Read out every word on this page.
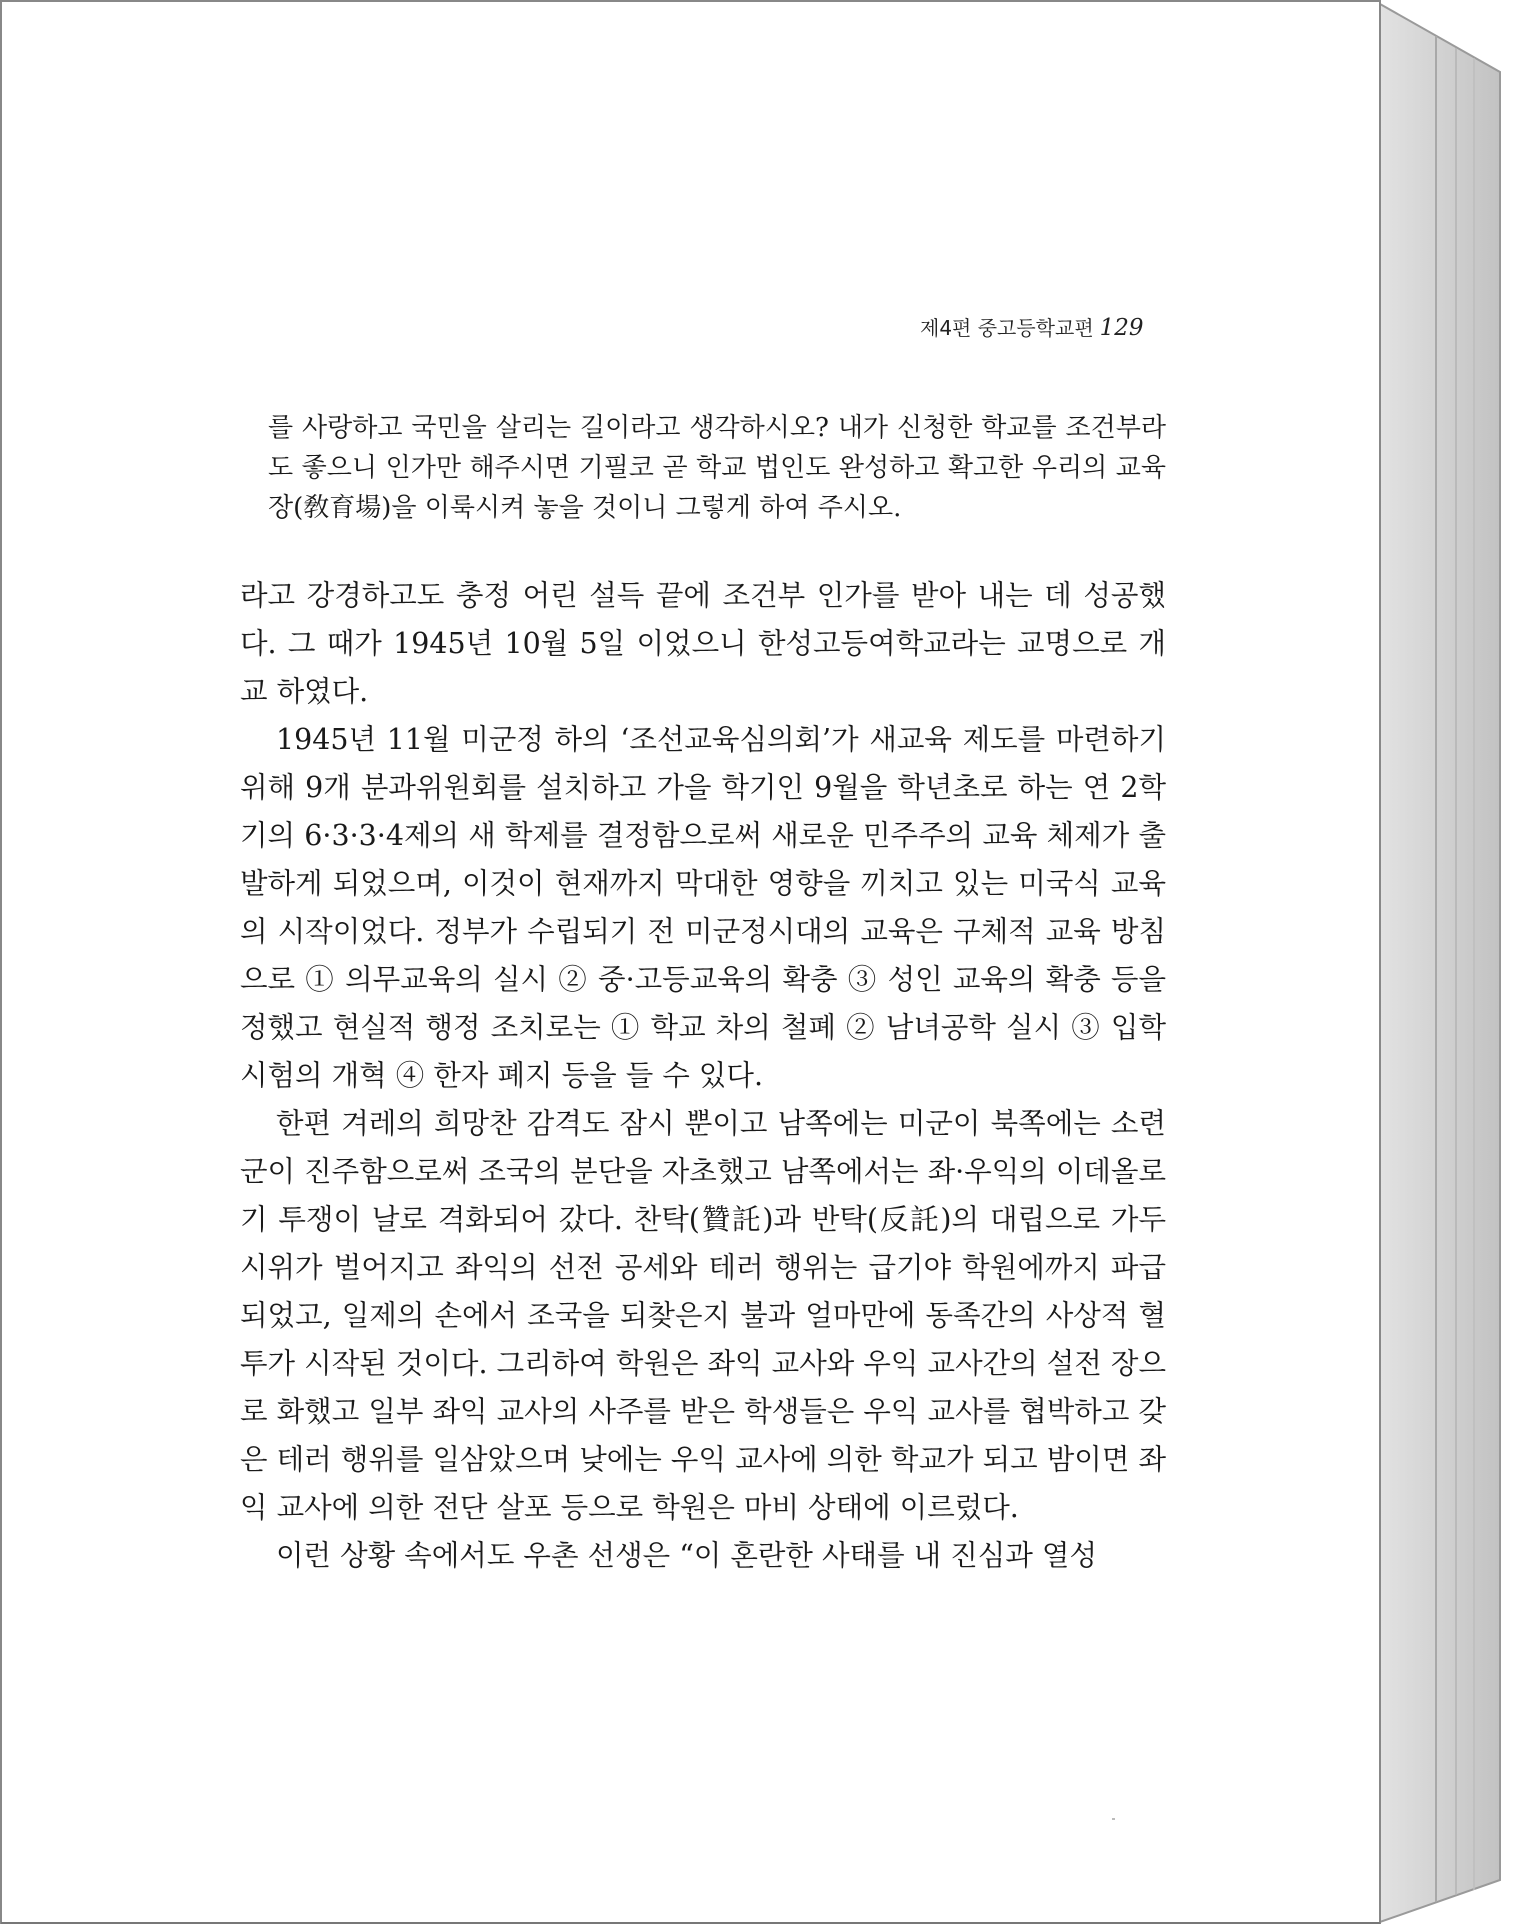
제4편 중고등학교편 129

를 사랑하고 국민을 살리는 길이라고 생각하시오? 내가 신청한 학교를 조건부라도 좋으니 인가만 해주시면 기필코 곧 학교 법인도 완성하고 확고한 우리의 교육장(敎育場)을 이룩시켜 놓을 것이니 그렇게 하여 주시오.

라고 강경하고도 충정 어린 설득 끝에 조건부 인가를 받아 내는 데 성공했다. 그 때가 1945년 10월 5일 이었으니 한성고등여학교라는 교명으로 개교 하였다.

1945년 11월 미군정 하의 ‘조선교육심의회’가 새교육 제도를 마련하기 위해 9개 분과위원회를 설치하고 가을 학기인 9월을 학년초로 하는 연 2학기의 6·3·3·4제의 새 학제를 결정함으로써 새로운 민주주의 교육 체제가 출발하게 되었으며, 이것이 현재까지 막대한 영향을 끼치고 있는 미국식 교육의 시작이었다. 정부가 수립되기 전 미군정시대의 교육은 구체적 교육 방침으로 ① 의무교육의 실시 ② 중·고등교육의 확충 ③ 성인 교육의 확충 등을 정했고 현실적 행정 조치로는 ① 학교 차의 철폐 ② 남녀공학 실시 ③ 입학시험의 개혁 ④ 한자 폐지 등을 들 수 있다.

한편 겨레의 희망찬 감격도 잠시 뿐이고 남쪽에는 미군이 북쪽에는 소련군이 진주함으로써 조국의 분단을 자초했고 남쪽에서는 좌·우익의 이데올로기 투쟁이 날로 격화되어 갔다. 찬탁(贊託)과 반탁(反託)의 대립으로 가두 시위가 벌어지고 좌익의 선전 공세와 테러 행위는 급기야 학원에까지 파급되었고, 일제의 손에서 조국을 되찾은지 불과 얼마만에 동족간의 사상적 혈투가 시작된 것이다. 그리하여 학원은 좌익 교사와 우익 교사간의 설전 장으로 화했고 일부 좌익 교사의 사주를 받은 학생들은 우익 교사를 협박하고 갖은 테러 행위를 일삼았으며 낮에는 우익 교사에 의한 학교가 되고 밤이면 좌익 교사에 의한 전단 살포 등으로 학원은 마비 상태에 이르렀다.

이런 상황 속에서도 우촌 선생은 “이 혼란한 사태를 내 진심과 열성
